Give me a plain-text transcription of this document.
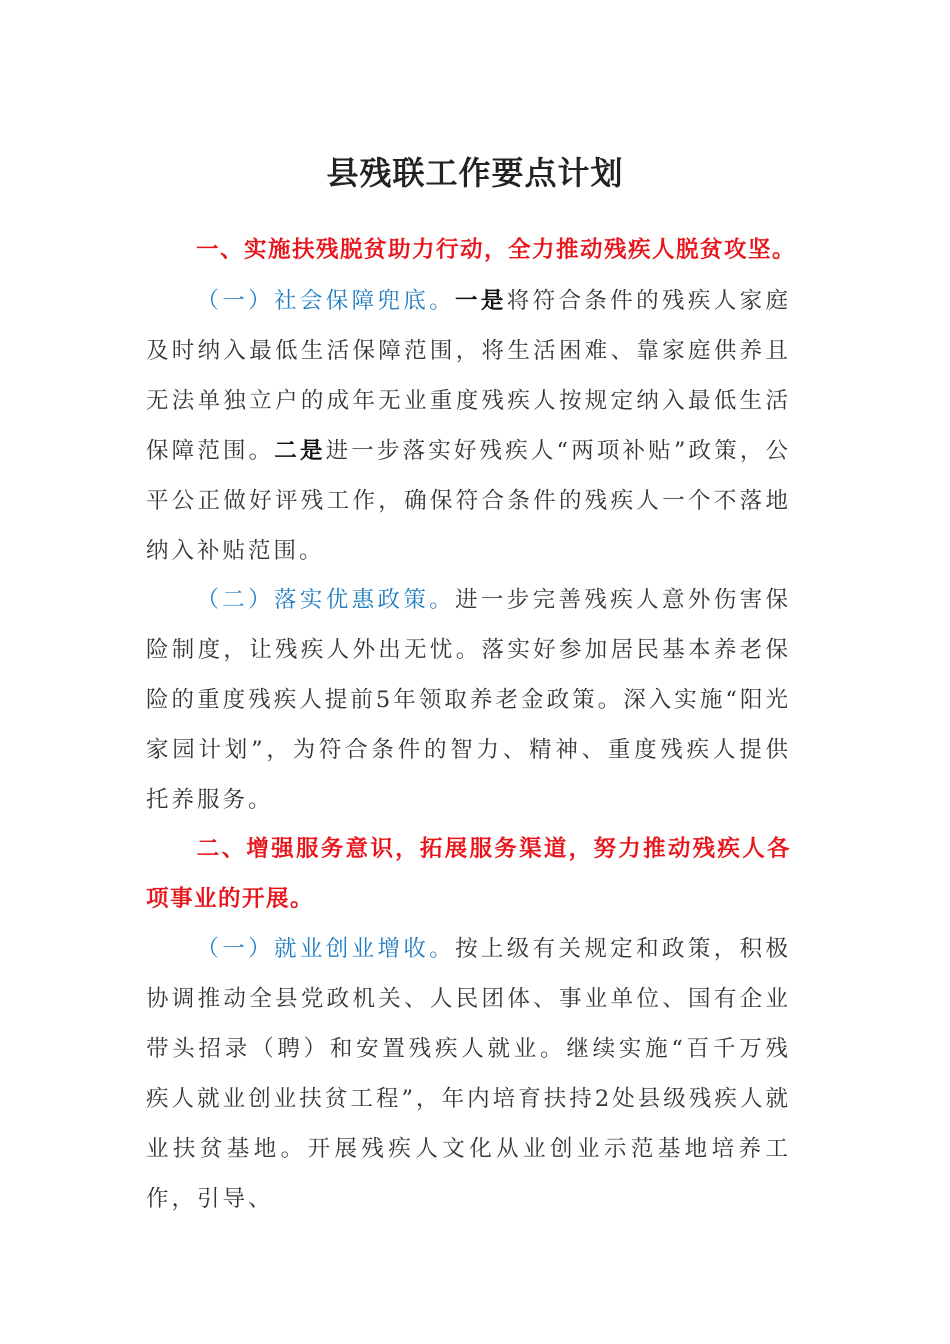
县残联工作要点计划
一、实施扶残脱贫助力行动，全力推动残疾人脱贫攻坚。
（一）社会保障兜底。一是将符合条件的残疾人家庭及时纳入最低生活保障范围，将生活困难、靠家庭供养且无法单独立户的成年无业重度残疾人按规定纳入最低生活保障范围。二是进一步落实好残疾人“两项补贴”政策，公平公正做好评残工作，确保符合条件的残疾人一个不落地纳入补贴范围。
（二）落实优惠政策。进一步完善残疾人意外伤害保险制度，让残疾人外出无忧。落实好参加居民基本养老保险的重度残疾人提前5年领取养老金政策。深入实施“阳光家园计划”，为符合条件的智力、精神、重度残疾人提供托养服务。
二、增强服务意识，拓展服务渠道，努力推动残疾人各项事业的开展。
（一）就业创业增收。按上级有关规定和政策，积极协调推动全县党政机关、人民团体、事业单位、国有企业带头招录（聘）和安置残疾人就业。继续实施“百千万残疾人就业创业扶贫工程”，年内培育扶持2处县级残疾人就业扶贫基地。开展残疾人文化从业创业示范基地培养工作，引导、
